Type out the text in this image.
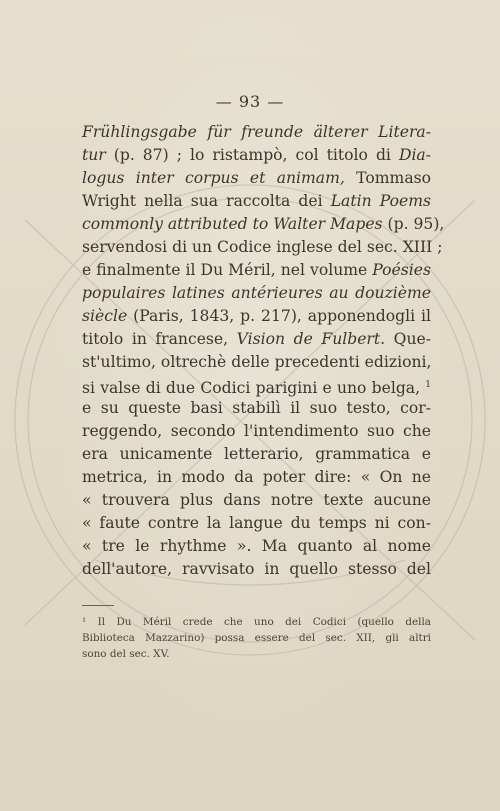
— 93 —
Frühlingsgabe für freunde älterer Litera-
tur (p. 87) ; lo ristampò, col titolo di Dia-
logus inter corpus et animam, Tommaso
Wright nella sua raccolta dei Latin Poems
commonly attributed to Walter Mapes (p. 95),
servendosi di un Codice inglese del sec. XIII ;
e finalmente il Du Méril, nel volume Poésies
populaires latines antérieures au douzième
siècle (Paris, 1843, p. 217), apponendogli il
titolo in francese, Vision de Fulbert. Que-
st'ultimo, oltrechè delle precedenti edizioni,
si valse di due Codici parigini e uno belga, $^1$
e su queste basi stabilì il suo testo, cor-
reggendo, secondo l'intendimento suo che
era unicamente letterario, grammatica e
metrica, in modo da poter dire: « On ne
« trouvera plus dans notre texte aucune
« faute contre la langue du temps ni con-
« tre le rhythme ». Ma quanto al nome
dell'autore, ravvisato in quello stesso del
¹ Il Du Méril crede che uno dei Codici (quello della
Biblioteca Mazzarino) possa essere del sec. XII, gli altri
sono del sec. XV.
